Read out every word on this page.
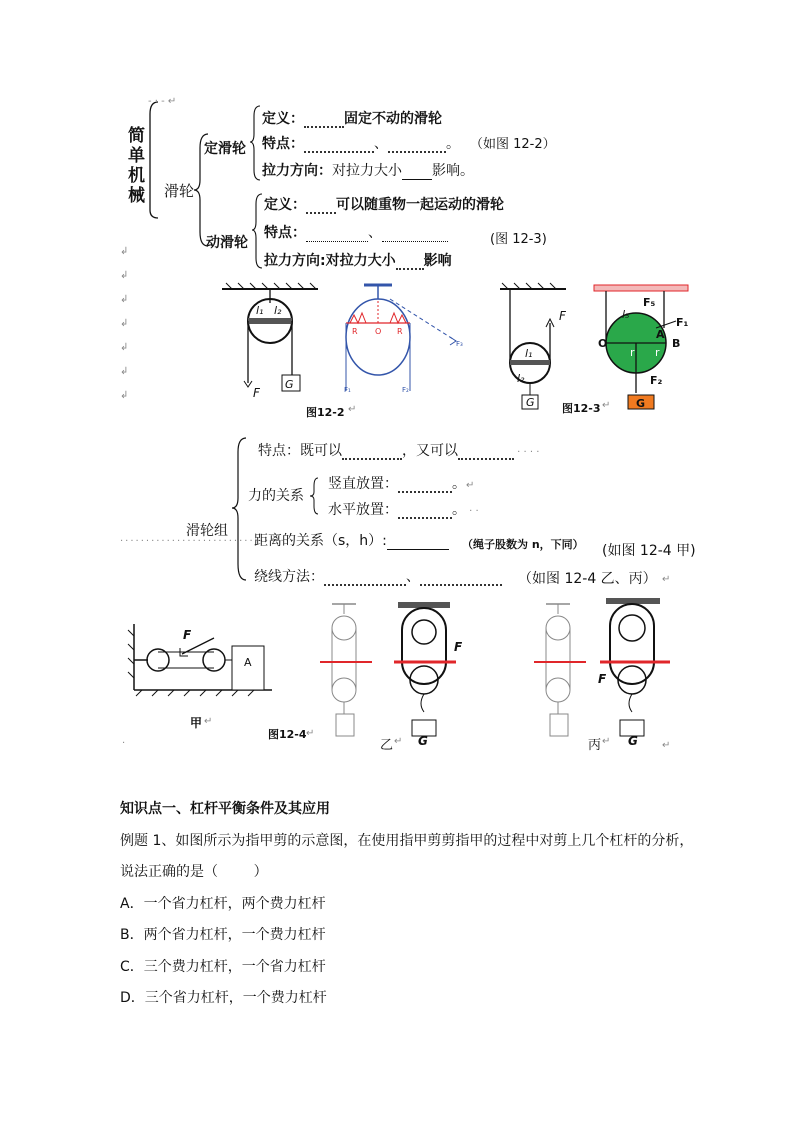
- · - ↵
简单机械 滑轮
定滑轮
动滑轮
定义：	固定不动的滑轮
特点：	、	。 （如图 12-2）
拉力方向：对拉力大小 影响。
定义： 可以随重物一起运动的滑轮
特点：	、	(图 12-3)
拉力方向:对拉力大小 影响
↲
↲
↲
↲
↲
↲
↲
l₁ l₂
F
G
R O R
F₁	F₂
F₃
图12-2 ↵
F
l₁
l₂
G 图12-3 ↵
F₅
l₅
F₁
A
O	B
r r
F₂
G
滑轮组
··································
特点：既可以	，又可以	· · · ·
力的关系
竖直放置：	。↵
水平放置：	。 · ·
距离的关系（s，h）:	（绳子股数为 n，下同） (如图 12-4 甲)
绕线方法：	、	（如图 12-4 乙、丙） ↵
F
A
甲 ↵
图12-4 ↵
·	G
F
乙 ↵
F
G
丙 ↵	↵
知识点一、杠杆平衡条件及其应用
例题 1、如图所示为指甲剪的示意图，在使用指甲剪剪指甲的过程中对剪上几个杠杆的分析，
说法正确的是（        ）
A．一个省力杠杆，两个费力杠杆
B．两个省力杠杆，一个费力杠杆
C．三个费力杠杆，一个省力杠杆
D．三个省力杠杆，一个费力杠杆
